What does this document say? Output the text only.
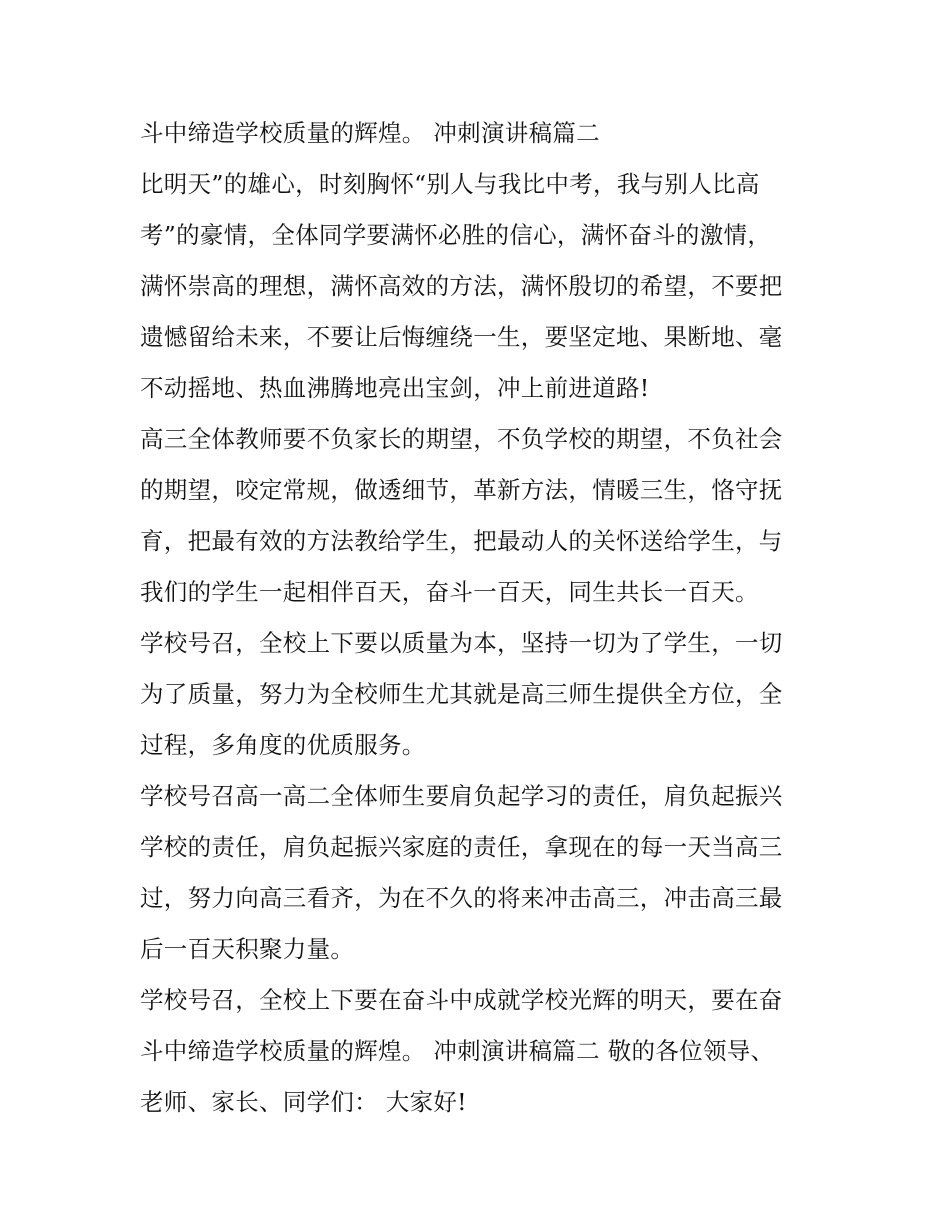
斗中缔造学校质量的辉煌。 冲刺演讲稿篇二

比明天”的雄心，时刻胸怀“别人与我比中考，我与别人比高

考”的豪情，全体同学要满怀必胜的信心，满怀奋斗的激情，

满怀崇高的理想，满怀高效的方法，满怀殷切的希望，不要把

遗憾留给未来，不要让后悔缠绕一生，要坚定地、果断地、毫

不动摇地、热血沸腾地亮出宝剑，冲上前进道路!

高三全体教师要不负家长的期望，不负学校的期望，不负社会

的期望，咬定常规，做透细节，革新方法，情暖三生，恪守抚

育，把最有效的方法教给学生，把最动人的关怀送给学生，与

我们的学生一起相伴百天，奋斗一百天，同生共长一百天。

学校号召，全校上下要以质量为本，坚持一切为了学生，一切

为了质量，努力为全校师生尤其就是高三师生提供全方位，全

过程，多角度的优质服务。

学校号召高一高二全体师生要肩负起学习的责任，肩负起振兴

学校的责任，肩负起振兴家庭的责任，拿现在的每一天当高三

过，努力向高三看齐，为在不久的将来冲击高三，冲击高三最

后一百天积聚力量。

学校号召，全校上下要在奋斗中成就学校光辉的明天，要在奋

斗中缔造学校质量的辉煌。 冲刺演讲稿篇二 敬的各位领导、

老师、家长、同学们： 大家好!
